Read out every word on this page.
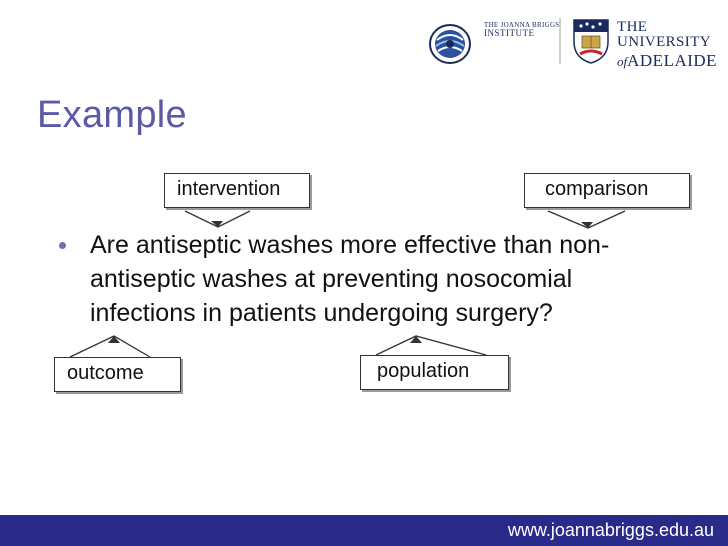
THE JOANNA BRIGGS
INSTITUTE	THE UNIVERSITY
ofADELAIDE
Example
intervention	comparison
outcome	population
Are antiseptic washes more effective than non-antiseptic washes at preventing nosocomial infections in patients undergoing surgery?
www.joannabriggs.edu.au
